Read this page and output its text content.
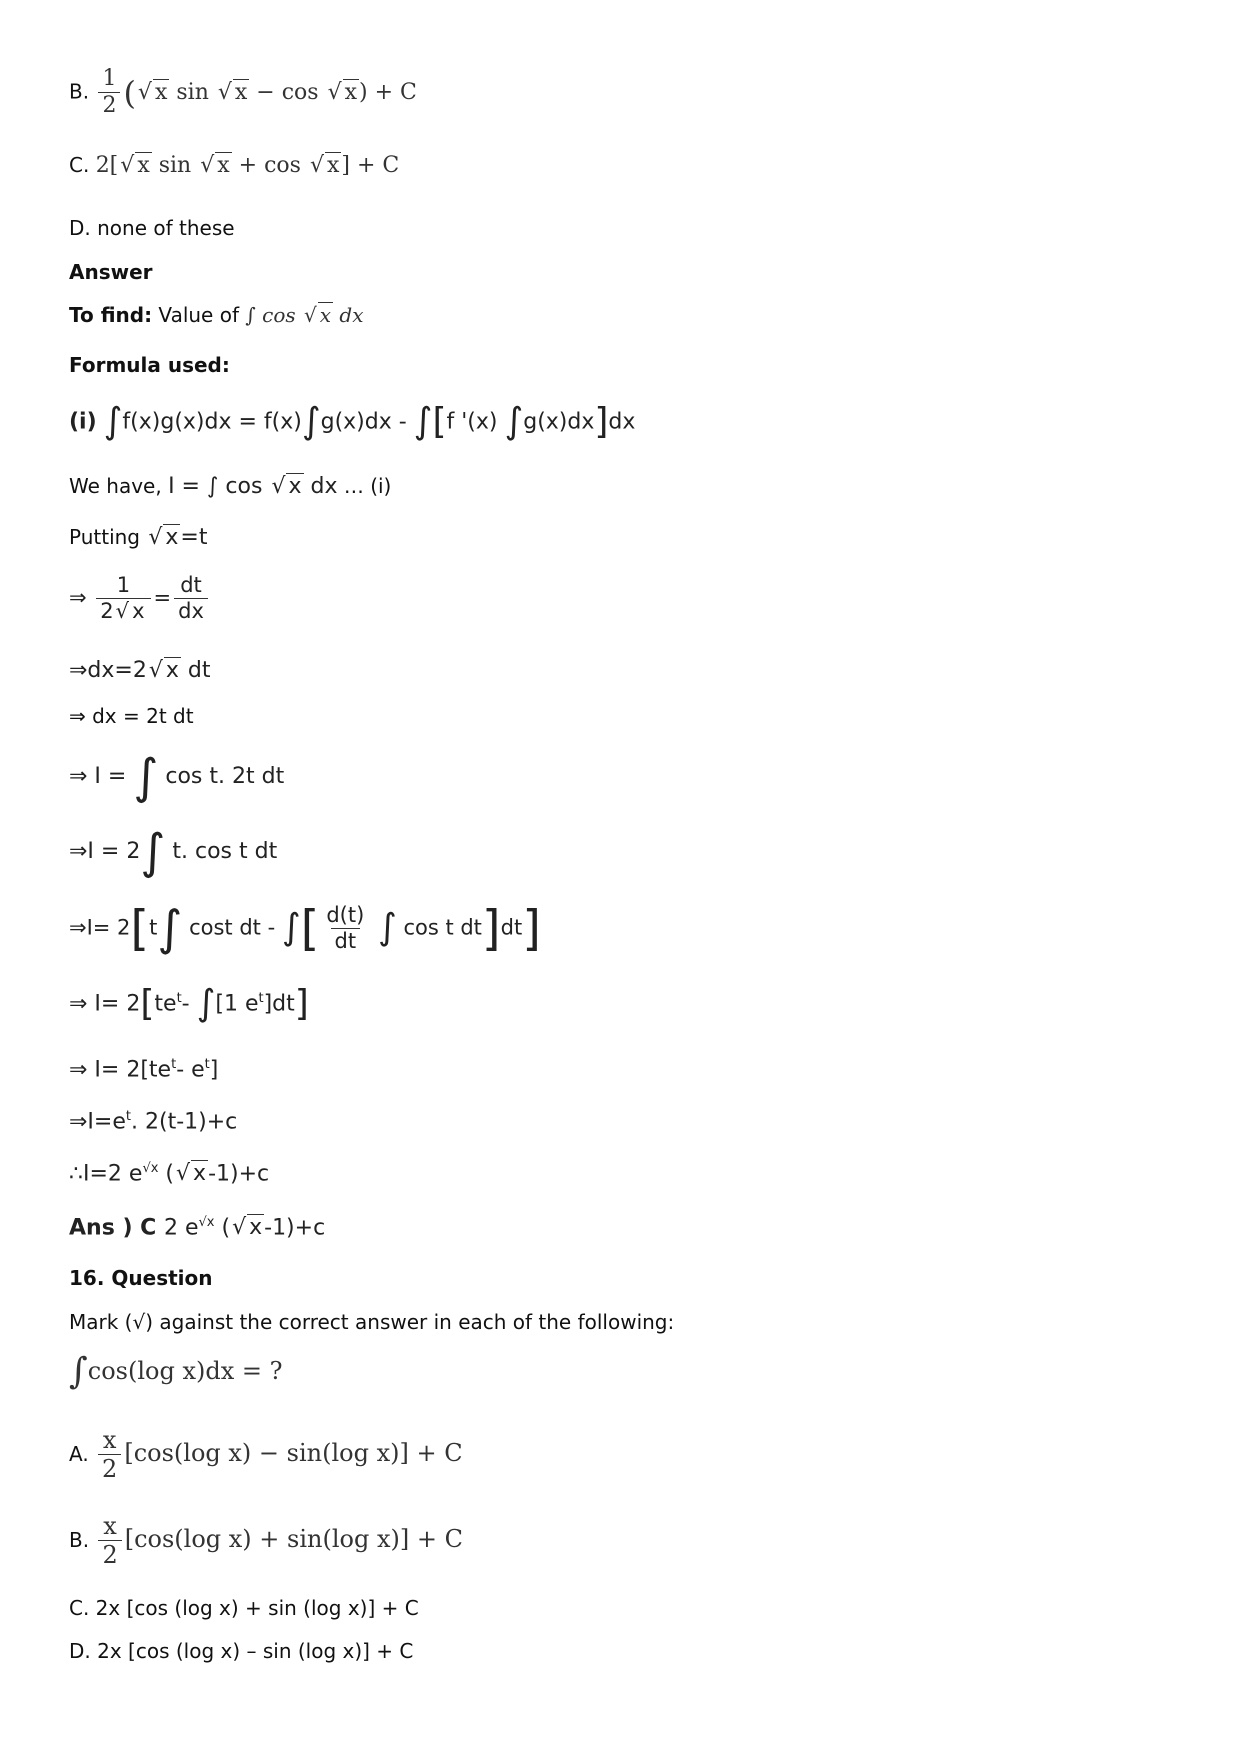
B. $\frac{1}{2}$ (√ x sin √ x − cos √ x) + C
C. 2[√ x sin √ x + cos √ x] + C
D. none of these
Answer
To find: Value of ∫ cos √ x dx
Formula used:
(i) ∫f(x)g(x)dx = f(x)∫g(x)dx - ∫[f '(x) ∫g(x)dx]dx
We have, I = ∫ cos √ x dx … (i)
Putting √ x=t
⇒ $\frac{1}{2√ x} = \frac{dt}{dx}$
⇒dx=2√ x dt
⇒ dx = 2t dt
⇒ I = ∫ cos t. 2t dt
⇒I = 2∫ t. cos t dt
⇒I= 2[t∫ cost dt - ∫[ $\frac{d(t)}{dt}$ ∫ cos t dt]dt]
⇒ $I= 2[te^t-$ ∫[1 $e^t]dt$]
⇒ $I= 2[te^t-$ $e^t$]
$\Rightarrow I=e^t$. 2(t-1)+c
∴I=2 $e^{√x}$ (√ x-1)+c
Ans ) C 2 $e^{√x}$ (√ x-1)+c
16. Question
Mark (√) against the correct answer in each of the following:
∫cos(log x)dx = ?
A. $\frac{x}{2} [\cos(\log$ x) − sin(log x)] + C
B. $\frac{x}{2} [\cos(\log$ x) + sin(log x)] + C
C. 2x [cos (log x) + sin (log x)] + C
D. 2x [cos (log x) – sin (log x)] + C
